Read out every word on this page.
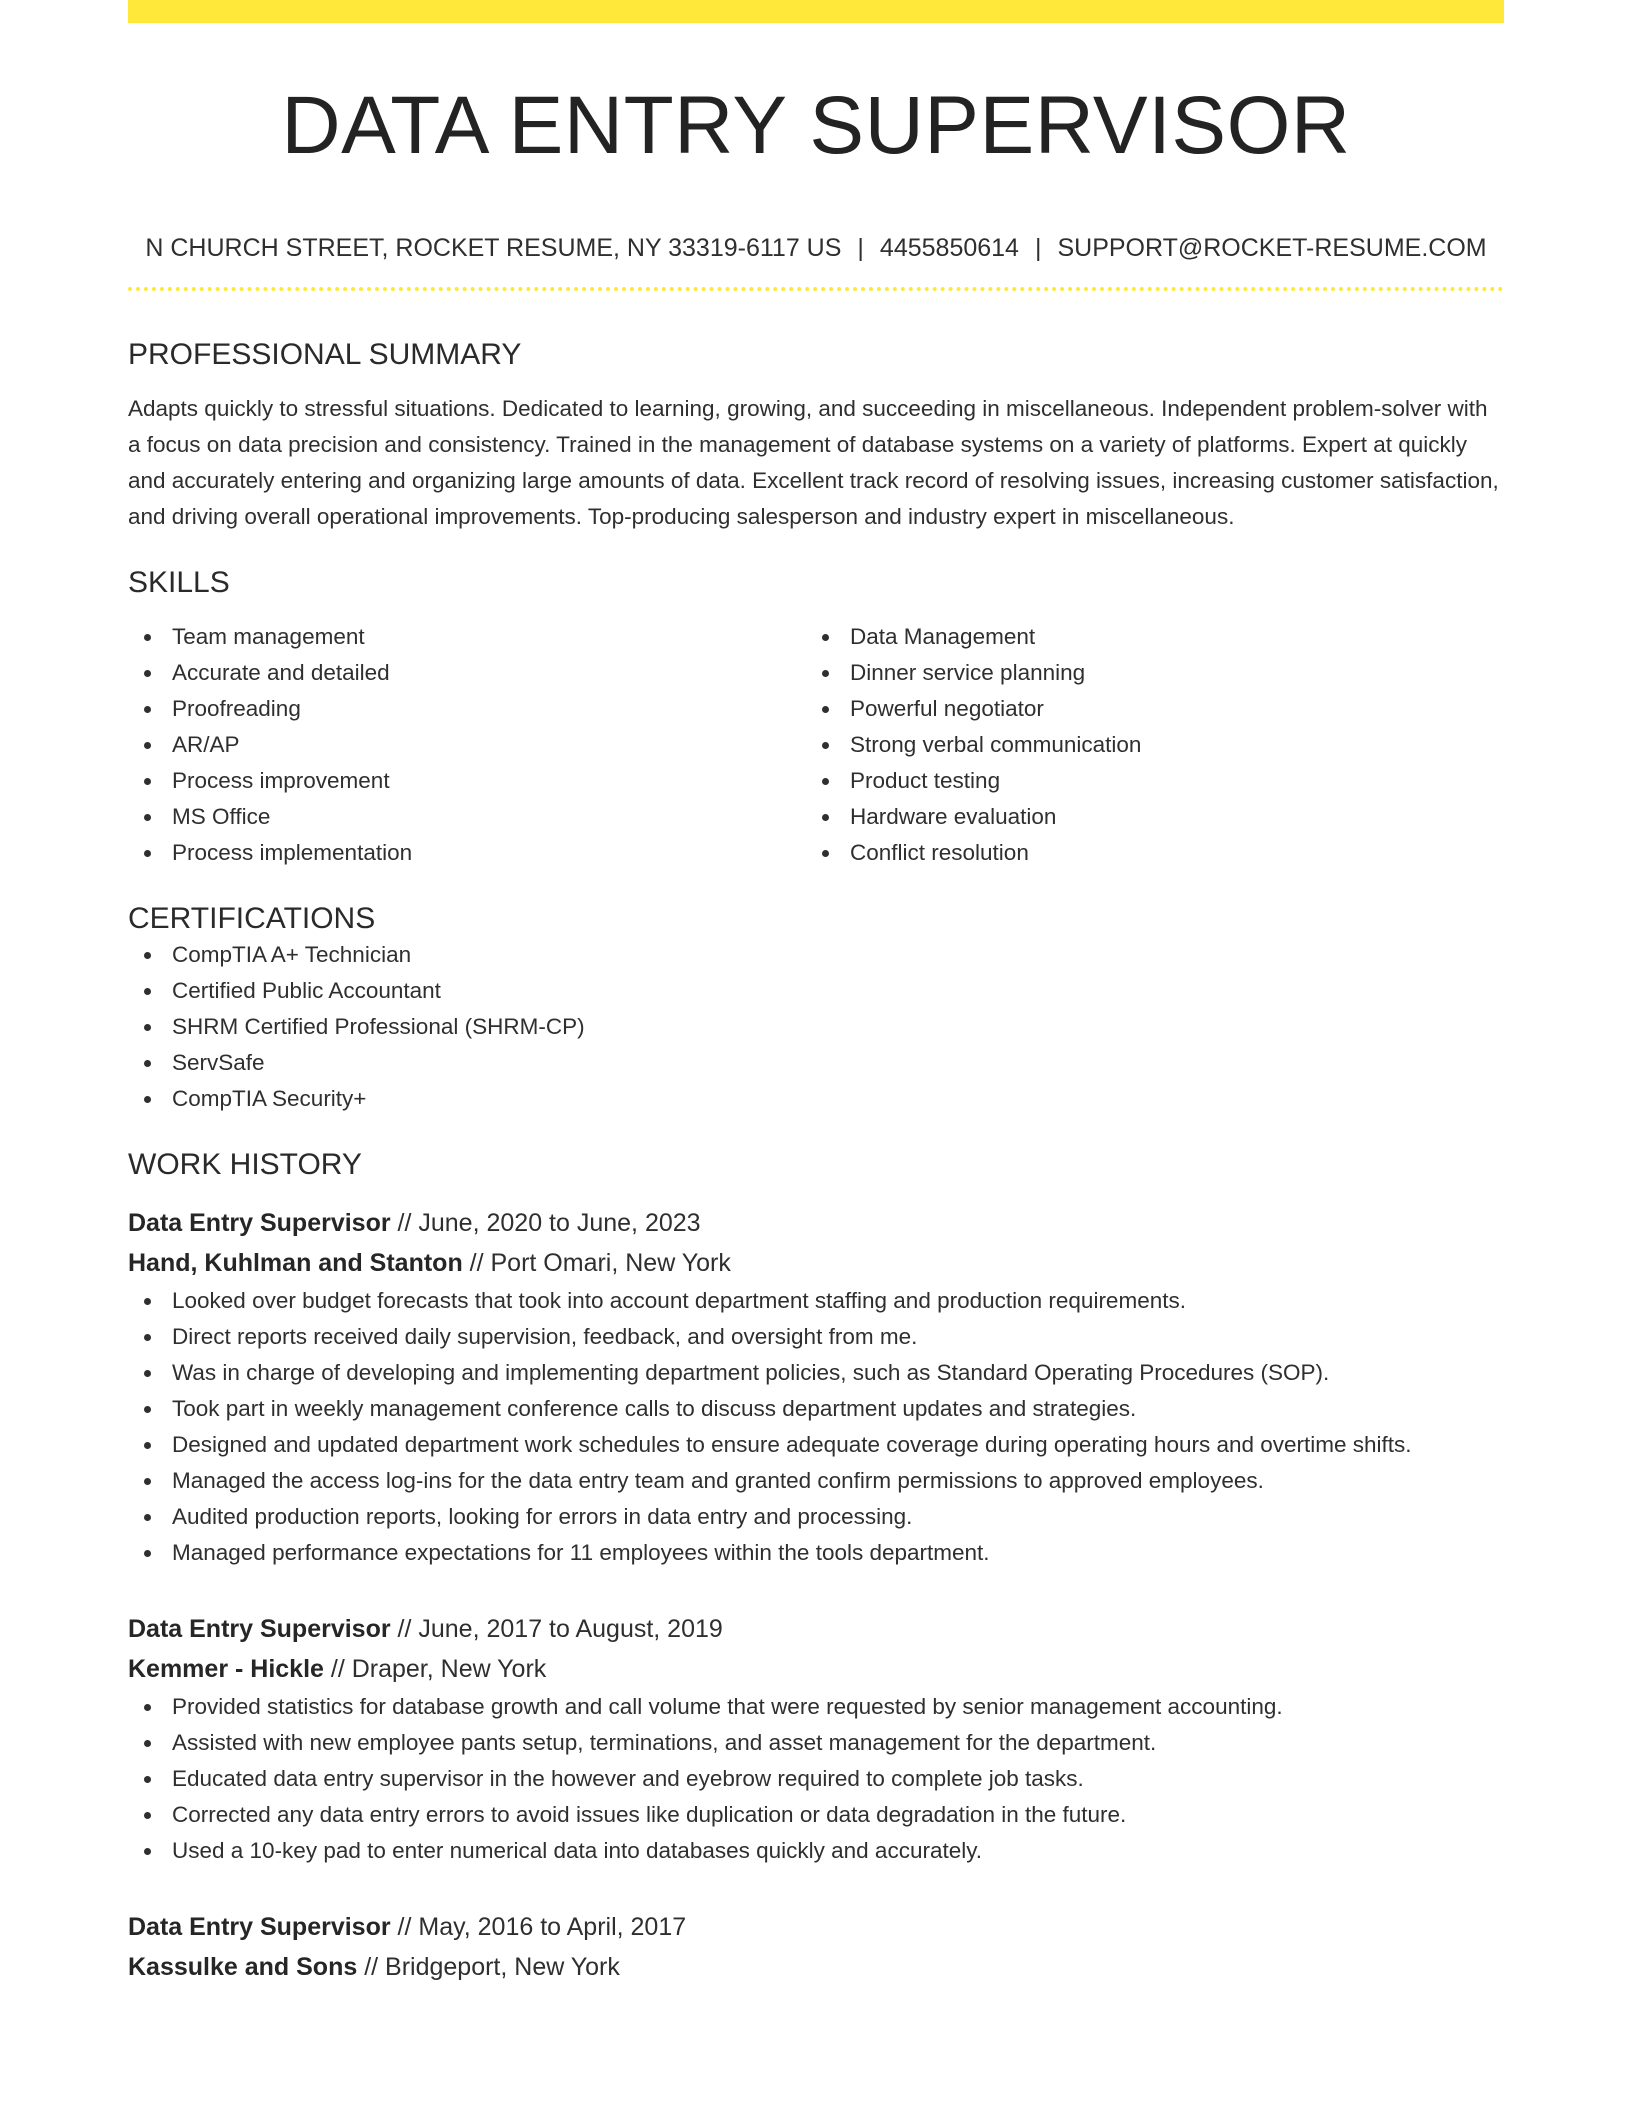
DATA ENTRY SUPERVISOR
N CHURCH STREET, ROCKET RESUME, NY 33319-6117 US | 4455850614 | SUPPORT@ROCKET-RESUME.COM
PROFESSIONAL SUMMARY

Adapts quickly to stressful situations. Dedicated to learning, growing, and succeeding in miscellaneous. Independent problem-solver with a focus on data precision and consistency. Trained in the management of database systems on a variety of platforms. Expert at quickly and accurately entering and organizing large amounts of data. Excellent track record of resolving issues, increasing customer satisfaction, and driving overall operational improvements. Top-producing salesperson and industry expert in miscellaneous.

SKILLS
Team management
Accurate and detailed
Proofreading
AR/AP
Process improvement
MS Office
Process implementation
Data Management
Dinner service planning
Powerful negotiator
Strong verbal communication
Product testing
Hardware evaluation
Conflict resolution
CERTIFICATIONS
CompTIA A+ Technician
Certified Public Accountant
SHRM Certified Professional (SHRM-CP)
ServSafe
CompTIA Security+
WORK HISTORY
Data Entry Supervisor // June, 2020 to June, 2023
Hand, Kuhlman and Stanton // Port Omari, New York
Looked over budget forecasts that took into account department staffing and production requirements.
Direct reports received daily supervision, feedback, and oversight from me.
Was in charge of developing and implementing department policies, such as Standard Operating Procedures (SOP).
Took part in weekly management conference calls to discuss department updates and strategies.
Designed and updated department work schedules to ensure adequate coverage during operating hours and overtime shifts.
Managed the access log-ins for the data entry team and granted confirm permissions to approved employees.
Audited production reports, looking for errors in data entry and processing.
Managed performance expectations for 11 employees within the tools department.
Data Entry Supervisor // June, 2017 to August, 2019
Kemmer - Hickle // Draper, New York
Provided statistics for database growth and call volume that were requested by senior management accounting.
Assisted with new employee pants setup, terminations, and asset management for the department.
Educated data entry supervisor in the however and eyebrow required to complete job tasks.
Corrected any data entry errors to avoid issues like duplication or data degradation in the future.
Used a 10-key pad to enter numerical data into databases quickly and accurately.
Data Entry Supervisor // May, 2016 to April, 2017
Kassulke and Sons // Bridgeport, New York
